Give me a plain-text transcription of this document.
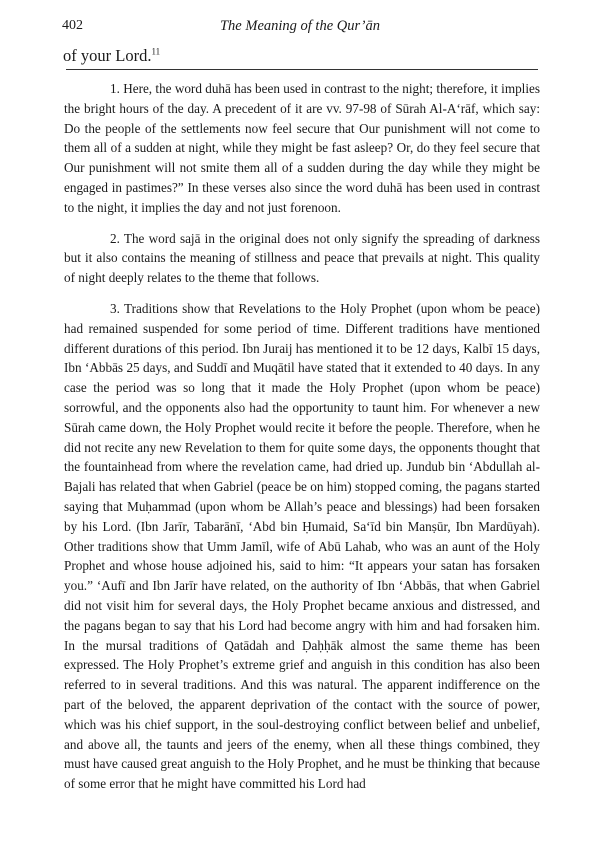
402	The Meaning of the Qur’ān
of your Lord.$^{11}$

1. Here, the word duhā has been used in contrast to the night; therefore, it implies the bright hours of the day. A precedent of it are vv. 97-98 of Sūrah Al-A‘rāf, which say: Do the people of the settlements now feel secure that Our punishment will not come to them all of a sudden at night, while they might be fast asleep? Or, do they feel secure that Our punishment will not smite them all of a sudden during the day while they might be engaged in pastimes?” In these verses also since the word duhā has been used in contrast to the night, it implies the day and not just forenoon.

2. The word sajā in the original does not only signify the spreading of darkness but it also contains the meaning of stillness and peace that prevails at night. This quality of night deeply relates to the theme that follows.

3. Traditions show that Revelations to the Holy Prophet (upon whom be peace) had remained suspended for some period of time. Different traditions have mentioned different durations of this period. Ibn Juraij has mentioned it to be 12 days, Kalbī 15 days, Ibn ‘Abbās 25 days, and Suddī and Muqātil have stated that it extended to 40 days. In any case the period was so long that it made the Holy Prophet (upon whom be peace) sorrowful, and the opponents also had the opportunity to taunt him. For whenever a new Sūrah came down, the Holy Prophet would recite it before the people. Therefore, when he did not recite any new Revelation to them for quite some days, the opponents thought that the fountainhead from where the revelation came, had dried up. Jundub bin ‘Abdullah al-Bajali has related that when Gabriel (peace be on him) stopped coming, the pagans started saying that Muḥammad (upon whom be Allah’s peace and blessings) had been forsaken by his Lord. (Ibn Jarīr, Tabarānī, ‘Abd bin Ḥumaid, Sa‘īd bin Manṣūr, Ibn Mardūyah). Other traditions show that Umm Jamīl, wife of Abū Lahab, who was an aunt of the Holy Prophet and whose house adjoined his, said to him: “It appears your satan has forsaken you.” ‘Aufī and Ibn Jarīr have related, on the authority of Ibn ‘Abbās, that when Gabriel did not visit him for several days, the Holy Prophet became anxious and distressed, and the pagans began to say that his Lord had become angry with him and had forsaken him. In the mursal traditions of Qatādah and Ḍaḥḥāk almost the same theme has been expressed. The Holy Prophet’s extreme grief and anguish in this condition has also been referred to in several traditions. And this was natural. The apparent indifference on the part of the beloved, the apparent deprivation of the contact with the source of power, which was his chief support, in the soul-destroying conflict between belief and unbelief, and above all, the taunts and jeers of the enemy, when all these things combined, they must have caused great anguish to the Holy Prophet, and he must be thinking that because of some error that he might have committed his Lord had
